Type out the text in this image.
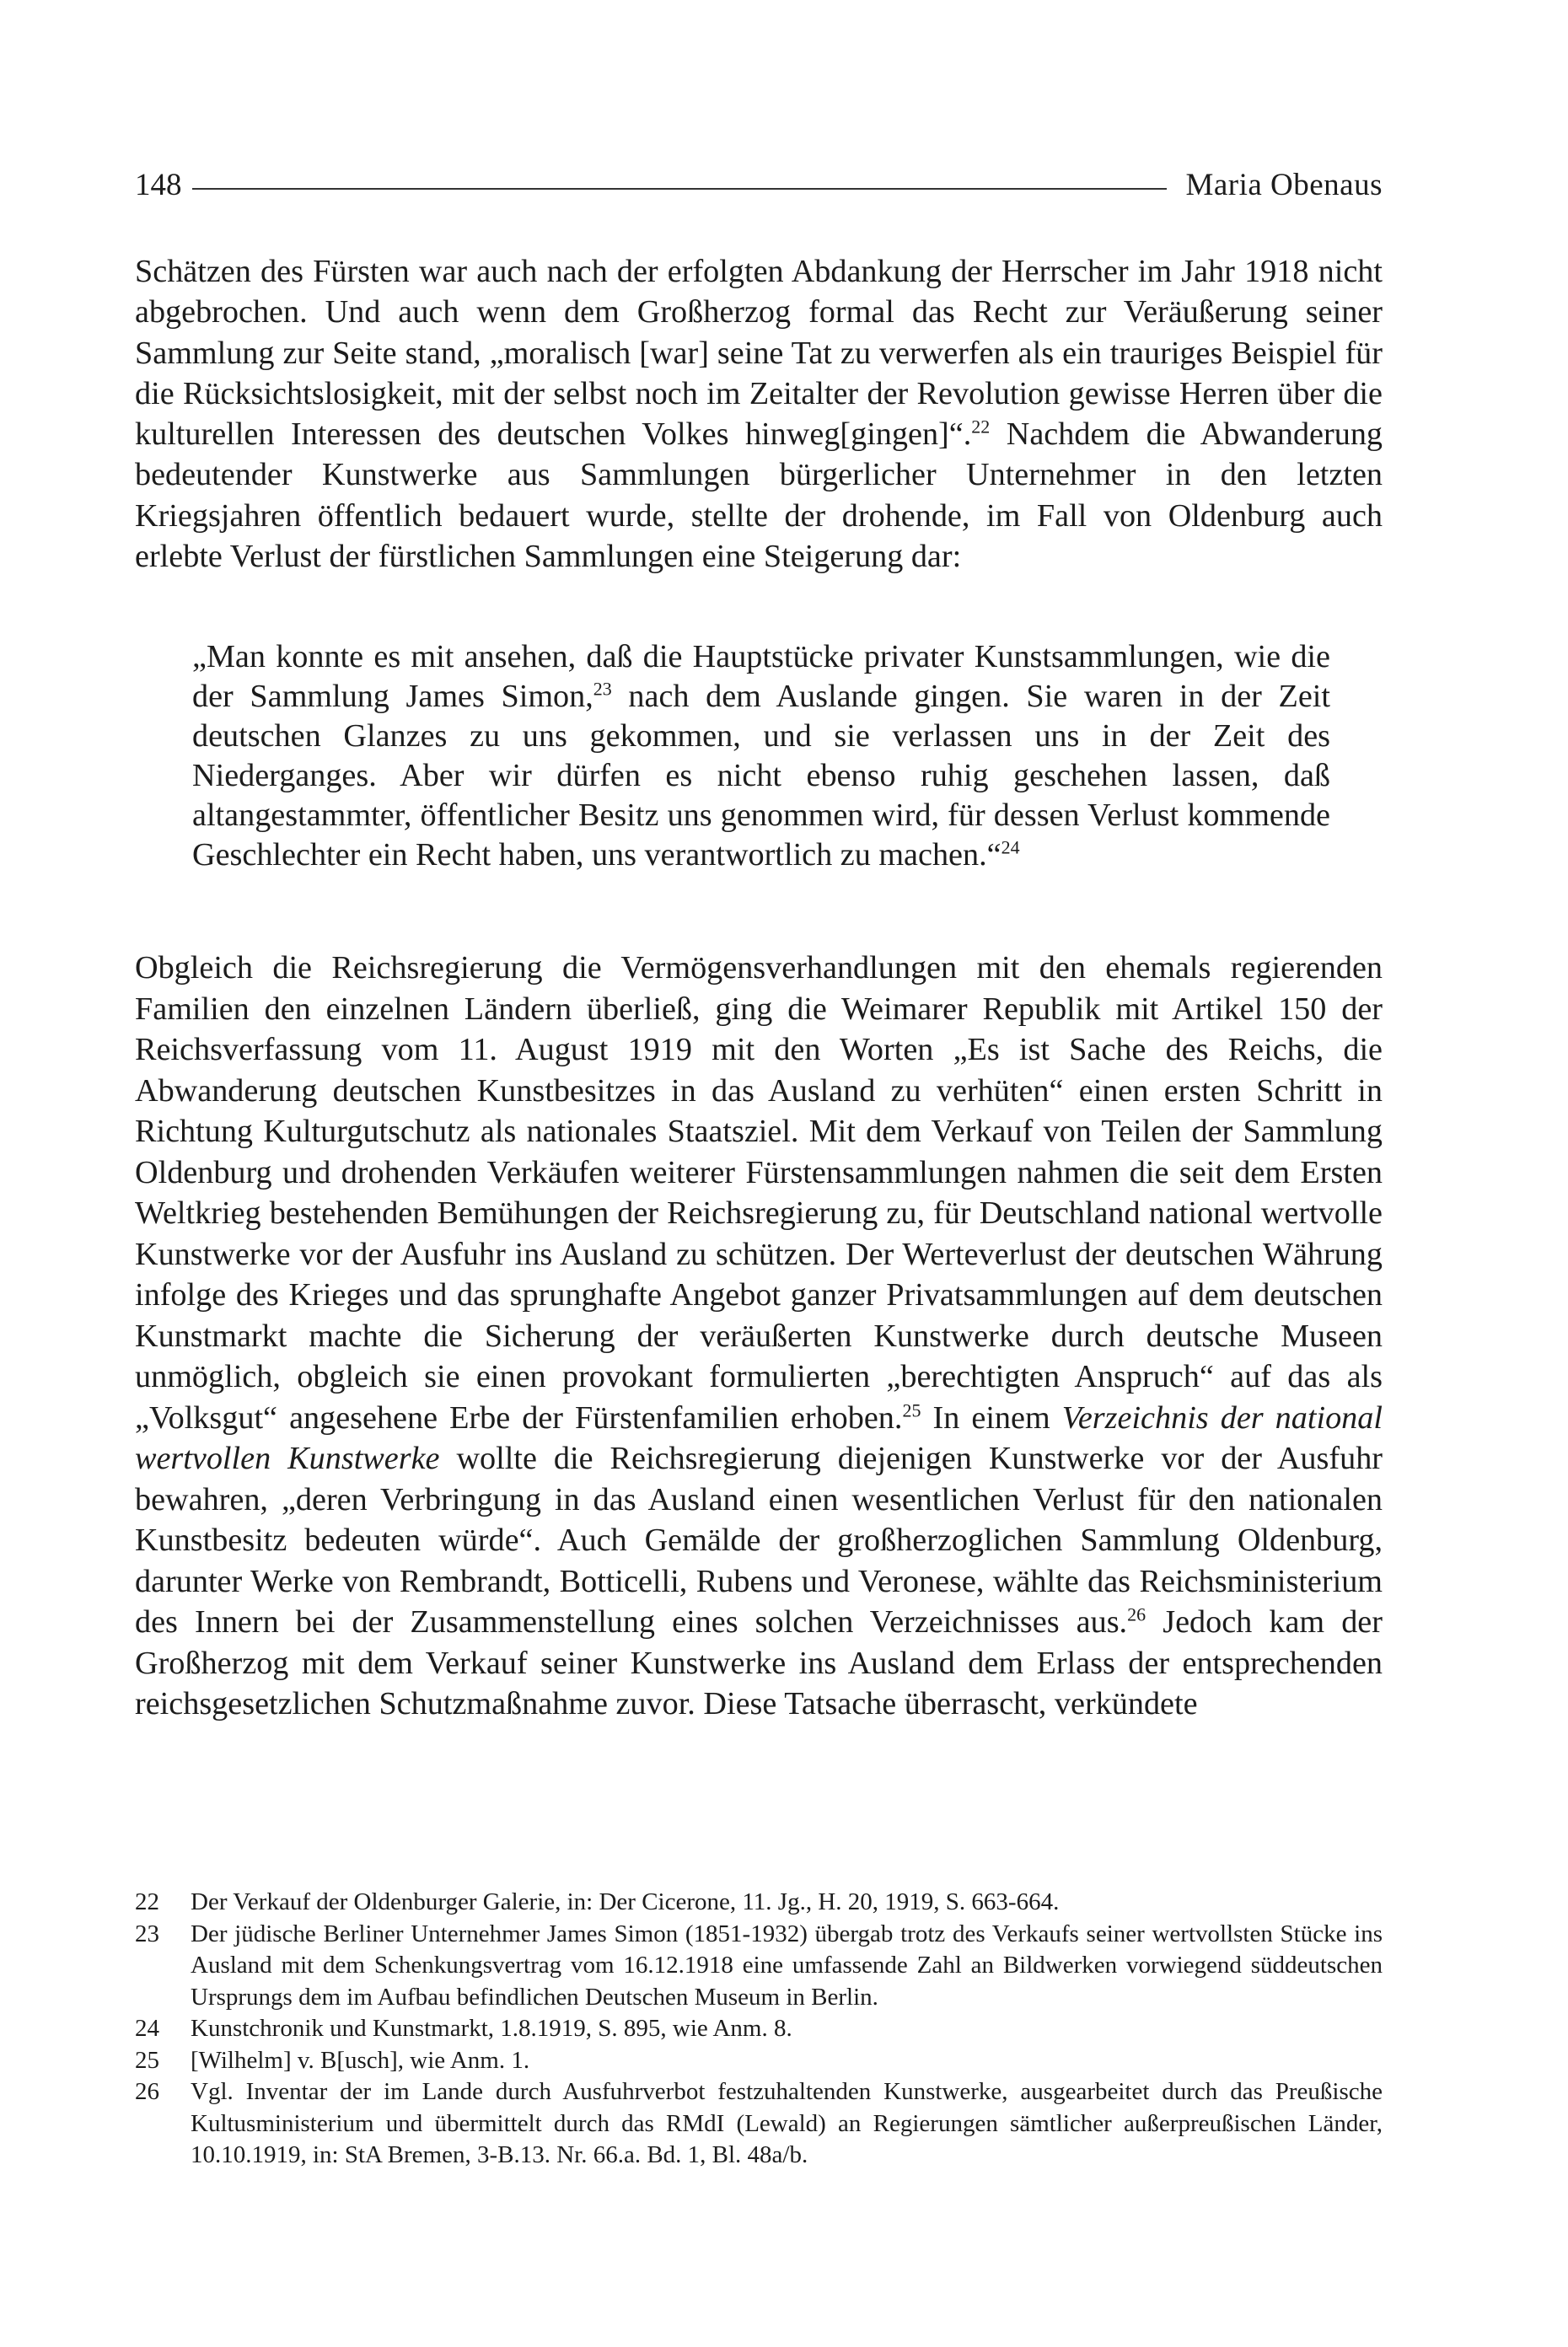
148	Maria Obenaus

Schätzen des Fürsten war auch nach der erfolgten Abdankung der Herrscher im Jahr 1918 nicht abgebrochen. Und auch wenn dem Großherzog formal das Recht zur Veräußerung seiner Sammlung zur Seite stand, „moralisch [war] seine Tat zu verwerfen als ein trauriges Beispiel für die Rücksichtslosigkeit, mit der selbst noch im Zeitalter der Revolution gewisse Herren über die kulturellen Interessen des deutschen Volkes hinweg[gingen]“.$^{22}$ Nachdem die Abwanderung bedeutender Kunstwerke aus Sammlungen bürgerlicher Unternehmer in den letzten Kriegsjahren öffentlich bedauert wurde, stellte der drohende, im Fall von Oldenburg auch erlebte Verlust der fürstlichen Sammlungen eine Steigerung dar:

„Man konnte es mit ansehen, daß die Hauptstücke privater Kunstsammlungen, wie die der Sammlung James Simon,$^{23}$ nach dem Auslande gingen. Sie waren in der Zeit deutschen Glanzes zu uns gekommen, und sie verlassen uns in der Zeit des Niederganges. Aber wir dürfen es nicht ebenso ruhig geschehen lassen, daß altangestammter, öffentlicher Besitz uns genommen wird, für dessen Verlust kommende Geschlechter ein Recht haben, uns verantwortlich zu machen.“$^{24}$
Obgleich die Reichsregierung die Vermögensverhandlungen mit den ehemals regierenden Familien den einzelnen Ländern überließ, ging die Weimarer Republik mit Artikel 150 der Reichsverfassung vom 11. August 1919 mit den Worten „Es ist Sache des Reichs, die Abwanderung deutschen Kunstbesitzes in das Ausland zu verhüten“ einen ersten Schritt in Richtung Kulturgutschutz als nationales Staatsziel. Mit dem Verkauf von Teilen der Sammlung Oldenburg und drohenden Verkäufen weiterer Fürstensammlungen nahmen die seit dem Ersten Weltkrieg bestehenden Bemühungen der Reichsregierung zu, für Deutschland national wertvolle Kunstwerke vor der Ausfuhr ins Ausland zu schützen. Der Werteverlust der deutschen Währung infolge des Krieges und das sprunghafte Angebot ganzer Privatsammlungen auf dem deutschen Kunstmarkt machte die Sicherung der veräußerten Kunstwerke durch deutsche Museen unmöglich, obgleich sie einen provokant formulierten „berechtigten Anspruch“ auf das als „Volksgut“ angesehene Erbe der Fürstenfamilien erhoben.$^{25}$ In einem Verzeichnis der national wertvollen Kunstwerke wollte die Reichsregierung diejenigen Kunstwerke vor der Ausfuhr bewahren, „deren Verbringung in das Ausland einen wesentlichen Verlust für den nationalen Kunstbesitz bedeuten würde“. Auch Gemälde der großherzoglichen Sammlung Oldenburg, darunter Werke von Rembrandt, Botticelli, Rubens und Veronese, wählte das Reichsministerium des Innern bei der Zusammenstellung eines solchen Verzeichnisses aus.$^{26}$ Jedoch kam der Großherzog mit dem Verkauf seiner Kunstwerke ins Ausland dem Erlass der entsprechenden reichsgesetzlichen Schutzmaßnahme zuvor. Diese Tatsache überrascht, verkündete
22	Der Verkauf der Oldenburger Galerie, in: Der Cicerone, 11. Jg., H. 20, 1919, S. 663-664.
23	Der jüdische Berliner Unternehmer James Simon (1851-1932) übergab trotz des Verkaufs seiner wertvollsten Stücke ins Ausland mit dem Schenkungsvertrag vom 16.12.1918 eine umfassende Zahl an Bildwerken vorwiegend süddeutschen Ursprungs dem im Aufbau befindlichen Deutschen Museum in Berlin.
24	Kunstchronik und Kunstmarkt, 1.8.1919, S. 895, wie Anm. 8.
25	[Wilhelm] v. B[usch], wie Anm. 1.
26	Vgl. Inventar der im Lande durch Ausfuhrverbot festzuhaltenden Kunstwerke, ausgearbeitet durch das Preußische Kultusministerium und übermittelt durch das RMdI (Lewald) an Regierungen sämtlicher außerpreußischen Länder, 10.10.1919, in: StA Bremen, 3-B.13. Nr. 66.a. Bd. 1, Bl. 48a/b.
